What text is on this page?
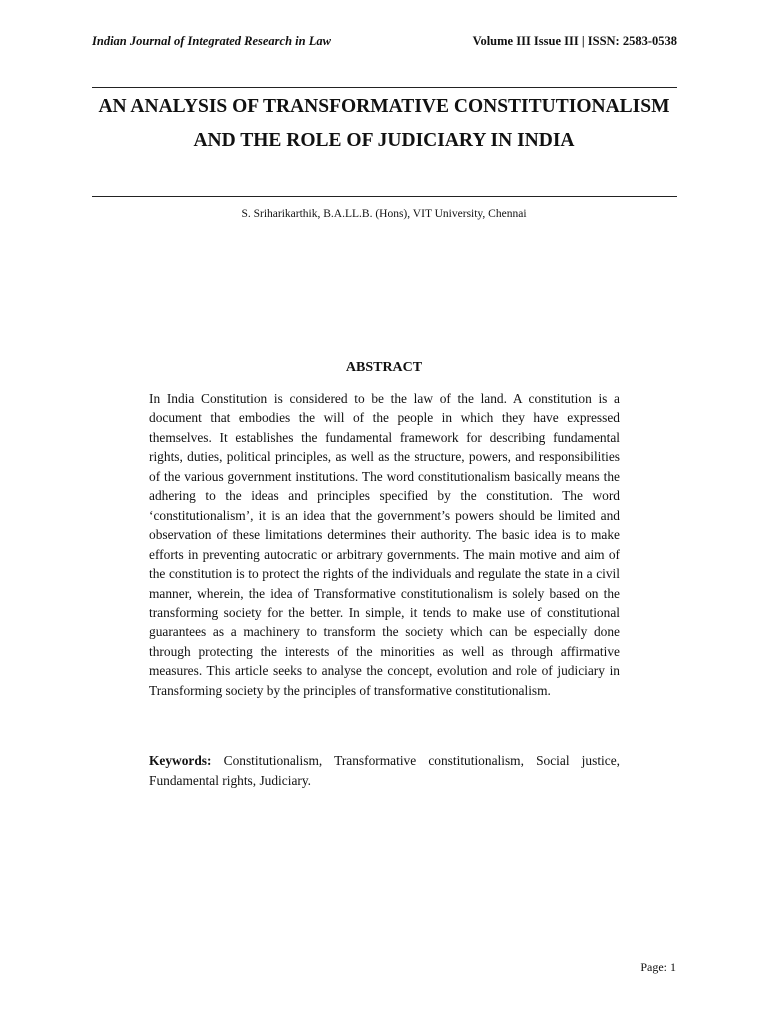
Indian Journal of Integrated Research in Law	Volume III Issue III | ISSN: 2583-0538
AN ANALYSIS OF TRANSFORMATIVE CONSTITUTIONALISM AND THE ROLE OF JUDICIARY IN INDIA

S. Sriharikarthik, B.A.LL.B. (Hons), VIT University, Chennai

ABSTRACT

In India Constitution is considered to be the law of the land. A constitution is a document that embodies the will of the people in which they have expressed themselves. It establishes the fundamental framework for describing fundamental rights, duties, political principles, as well as the structure, powers, and responsibilities of the various government institutions. The word constitutionalism basically means the adhering to the ideas and principles specified by the constitution. The word ‘constitutionalism’, it is an idea that the government’s powers should be limited and observation of these limitations determines their authority. The basic idea is to make efforts in preventing autocratic or arbitrary governments. The main motive and aim of the constitution is to protect the rights of the individuals and regulate the state in a civil manner, wherein, the idea of Transformative constitutionalism is solely based on the transforming society for the better. In simple, it tends to make use of constitutional guarantees as a machinery to transform the society which can be especially done through protecting the interests of the minorities as well as through affirmative measures. This article seeks to analyse the concept, evolution and role of judiciary in Transforming society by the principles of transformative constitutionalism.

Keywords: Constitutionalism, Transformative constitutionalism, Social justice, Fundamental rights, Judiciary.

Page: 1
